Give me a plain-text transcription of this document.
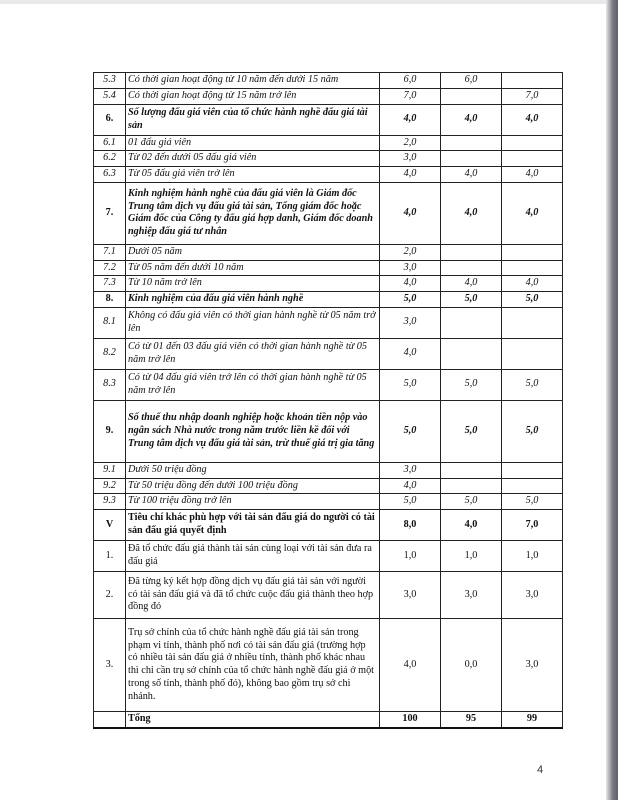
5.3	Có thời gian hoạt động từ 10 năm đến dưới 15 năm	6,0	6,0	
5.4	Có thời gian hoạt động từ 15 năm trở lên	7,0		7,0
6.	Số lượng đấu giá viên của tổ chức hành nghề đấu giá tài sản	4,0	4,0	4,0
6.1	01 đấu giá viên	2,0		
6.2	Từ 02 đến dưới 05 đấu giá viên	3,0		
6.3	Từ 05 đấu giá viên trở lên	4,0	4,0	4,0
7.	Kinh nghiệm hành nghề của đấu giá viên là Giám đốc Trung tâm dịch vụ đấu giá tài sản, Tổng giám đốc hoặc Giám đốc của Công ty đấu giá hợp danh, Giám đốc doanh nghiệp đấu giá tư nhân	4,0	4,0	4,0
7.1	Dưới 05 năm	2,0		
7.2	Từ 05 năm đến dưới 10 năm	3,0		
7.3	Từ 10 năm trở lên	4,0	4,0	4,0
8.	Kinh nghiệm của đấu giá viên hành nghề	5,0	5,0	5,0
8.1	Không có đấu giá viên có thời gian hành nghề từ 05 năm trở lên	3,0		
8.2	Có từ 01 đến 03 đấu giá viên có thời gian hành nghề từ 05 năm trở lên	4,0		
8.3	Có từ 04 đấu giá viên trở lên có thời gian hành nghề từ 05 năm trở lên	5,0	5,0	5,0
9.	Số thuế thu nhập doanh nghiệp hoặc khoản tiền nộp vào ngân sách Nhà nước trong năm trước liền kề đối với Trung tâm dịch vụ đấu giá tài sản, trừ thuế giá trị gia tăng	5,0	5,0	5,0
9.1	Dưới 50 triệu đồng	3,0		
9.2	Từ 50 triệu đồng đến dưới 100 triệu đồng	4,0		
9.3	Từ 100 triệu đồng trở lên	5,0	5,0	5,0
V	Tiêu chí khác phù hợp với tài sản đấu giá do người có tài sản đấu giá quyết định	8,0	4,0	7,0
1.	Đã tổ chức đấu giá thành tài sản cùng loại với tài sản đưa ra đấu giá	1,0	1,0	1,0
2.	Đã từng ký kết hợp đồng dịch vụ đấu giá tài sản với người có tài sản đấu giá và đã tổ chức cuộc đấu giá thành theo hợp đồng đó	3,0	3,0	3,0
3.	Trụ sở chính của tổ chức hành nghề đấu giá tài sản trong phạm vi tỉnh, thành phố nơi có tài sản đấu giá (trường hợp có nhiều tài sản đấu giá ở nhiều tỉnh, thành phố khác nhau thì chỉ cần trụ sở chính của tổ chức hành nghề đấu giá ở một trong số tỉnh, thành phố đó), không bao gồm trụ sở chi nhánh.	4,0	0,0	3,0
	Tổng	100	95	99
4
